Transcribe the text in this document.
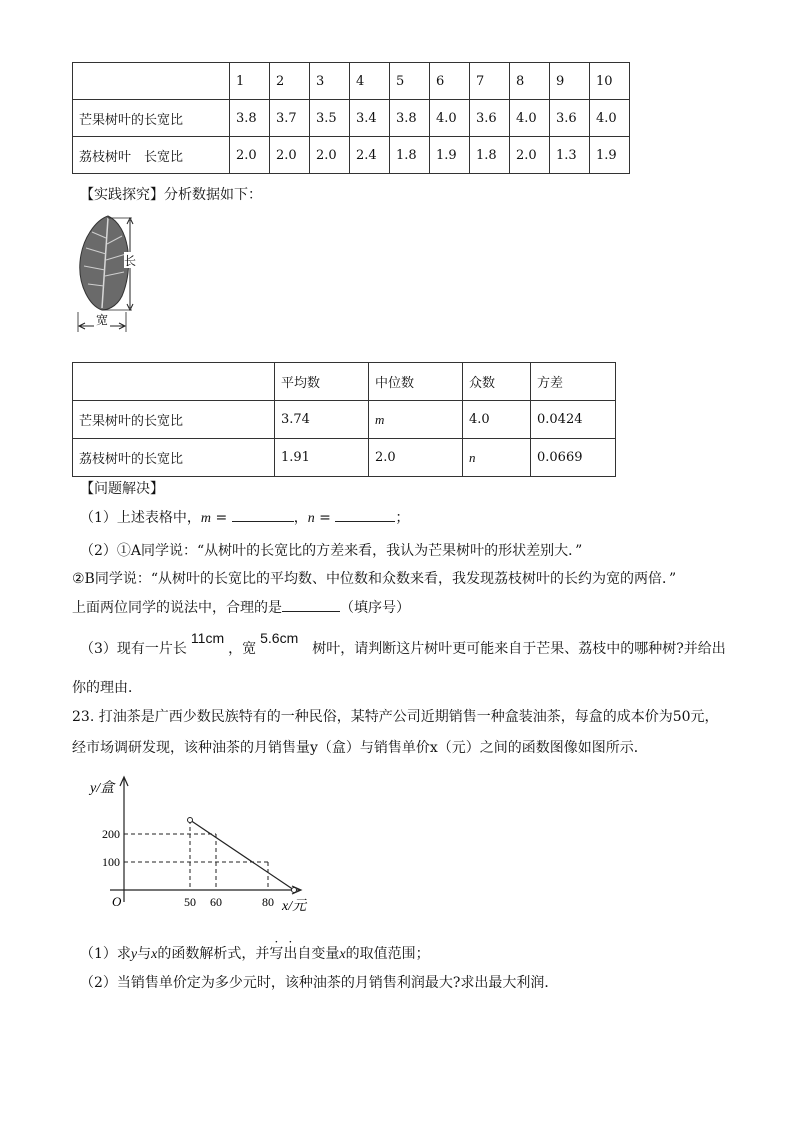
	1	2	3	4	5	6	7	8	9	10
芒果树叶的长宽比	3.8	3.7	3.5	3.4	3.8	4.0	3.6	4.0	3.6	4.0
荔枝树叶　长宽比	2.0	2.0	2.0	2.4	1.8	1.9	1.8	2.0	1.3	1.9
【实践探究】分析数据如下：
长
宽
	平均数	中位数	众数	方差
芒果树叶的长宽比	3.74	m	4.0	0.0424
荔枝树叶的长宽比	1.91	2.0	n	0.0669
【问题解决】
（1）上述表格中，m =	，n =	；
（2）①A同学说：“从树叶的长宽比的方差来看，我认为芒果树叶的形状差别大．”
②B同学说：“从树叶的长宽比的平均数、中位数和众数来看，我发现荔枝树叶的长约为宽的两倍．”
上面两位同学的说法中，合理的是	（填序号）
（3）现有一片长11cm，宽5.6cm树叶，请判断这片树叶更可能来自于芒果、荔枝中的哪种树?并给出
你的理由．
23. 打油茶是广西少数民族特有的一种民俗，某特产公司近期销售一种盒装油茶，每盒的成本价为50元，
经市场调研发现，该种油茶的月销售量y（盒）与销售单价x（元）之间的函数图像如图所示．
100
200
50 60	80
y/盒
x/元
O
（1）求y与x的函数解析式，并写出自变量x的取值范围；
（2）当销售单价定为多少元时，该种油茶的月销售利润最大?求出最大利润．
